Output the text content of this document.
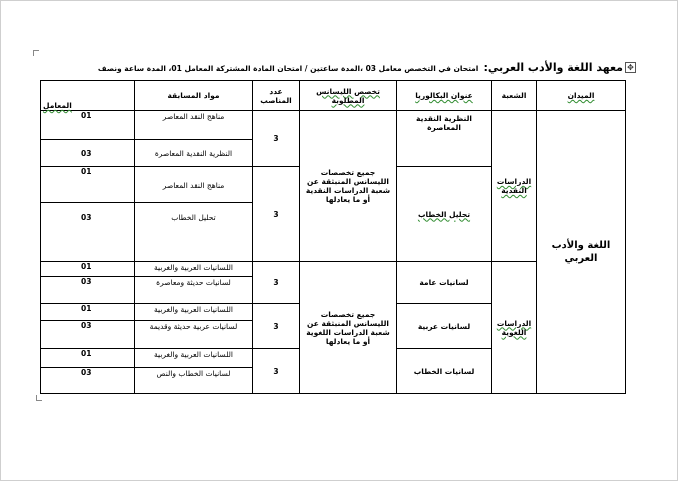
✥
معهد اللغة والأدب العربي: امتحان في التخصص معامل 03 ،المدة ساعتين / امتحان المادة المشتركة المعامل 01، المدة ساعة ونصف
الميدان	الشعبة	عنوان البكالوريا	تخصص الليسانس المطلوبة	عدد المناصب	مواد المسابقة	المعامل
اللغة والأدب العربي	الدراسات النقدية	النظرية النقدية المعاصرة	جميع تخصصات الليسانس المنبثقة عن شعبة الدراسات النقدية أو ما يعادلها	3	مناهج النقد المعاصر	01
					النظرية النقدية المعاصرة	03
		تحليل الخطاب		3	مناهج النقد المعاصر	01
					تحليل الخطاب	03
	الدراسات اللغوية	لسانيات عامة	جميع تخصصات الليسانس المنبثقة عن شعبة الدراسات اللغوية أو ما يعادلها	3	اللسانيات العربية والغربية	01
					لسانيات حديثة ومعاصرة	03
		لسانيات عربية		3	اللسانيات العربية والغربية	01
					لسانيات عربية حديثة وقديمة	03
		لسانيات الخطاب		3	اللسانيات العربية والغربية	01
					لسانيات الخطاب والنص	03
